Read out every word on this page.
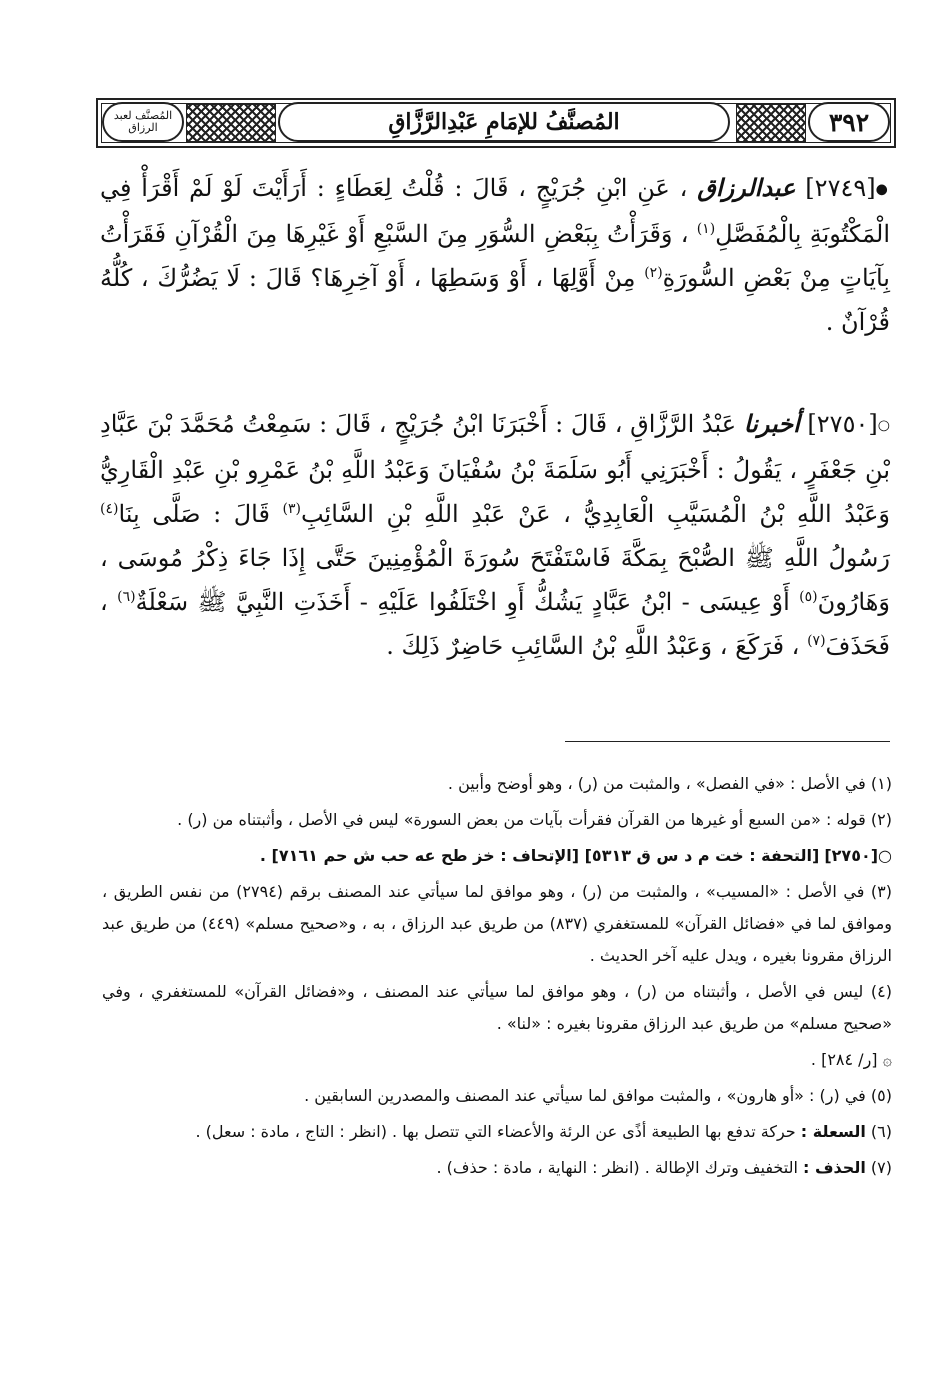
المُصنَّف لعبد الرزاق	المُصنَّفُ للإمَامِ عَبْدِالرَّزَّاقِ	٣٩٢
●[٢٧٤٩] عبدالرزاق ، عَنِ ابْنِ جُرَيْجٍ ، قَالَ : قُلْتُ لِعَطَاءٍ : أَرَأَيْتَ لَوْ لَمْ أَقْرَأْ فِي الْمَكْتُوبَةِ بِالْمُفَصَّلِ$^{(١)}$ ، وَقَرَأْتُ بِبَعْضِ السُّوَرِ مِنَ السَّبْعِ أَوْ غَيْرِهَا مِنَ الْقُرْآنِ فَقَرَأْتُ بِآيَاتٍ مِنْ بَعْضِ السُّورَةِ$^{(٢)}$ مِنْ أَوَّلِهَا ، أَوْ وَسَطِهَا ، أَوْ آخِرِهَا؟ قَالَ : لَا يَضُرُّكَ ، كُلُّهُ قُرْآنٌ .
○[٢٧٥٠] أخبرنا عَبْدُ الرَّزَّاقِ ، قَالَ : أَخْبَرَنَا ابْنُ جُرَيْجٍ ، قَالَ : سَمِعْتُ مُحَمَّدَ بْنَ عَبَّادِ بْنِ جَعْفَرٍ ، يَقُولُ : أَخْبَرَنِي أَبُو سَلَمَةَ بْنُ سُفْيَانَ وَعَبْدُ اللَّهِ بْنُ عَمْرِو بْنِ عَبْدِ الْقَارِيُّ وَعَبْدُ اللَّهِ بْنُ الْمُسَيَّبِ الْعَابِدِيُّ ، عَنْ عَبْدِ اللَّهِ بْنِ السَّائِبِ$^{(٣)}$ قَالَ : صَلَّى بِنَا$^{(٤)}$ رَسُولُ اللَّهِ ﷺ الصُّبْحَ بِمَكَّةَ فَاسْتَفْتَحَ سُورَةَ الْمُؤْمِنِينَ حَتَّى إِذَا جَاءَ ذِكْرُ مُوسَى ، وَهَارُونَ$^{(٥)}$ أَوْ عِيسَى - ابْنُ عَبَّادٍ يَشُكُّ أَوِ اخْتَلَفُوا عَلَيْهِ - أَخَذَتِ النَّبِيَّ ﷺ سَعْلَةٌ$^{(٦)}$ ، فَحَذَفَ$^{(٧)}$ ، فَرَكَعَ ، وَعَبْدُ اللَّهِ بْنُ السَّائِبِ حَاضِرٌ ذَلِكَ .

(١) في الأصل : «في الفصل» ، والمثبت من (ر) ، وهو أوضح وأبين .

(٢) قوله : «من السبع أو غيرها من القرآن فقرأت بآيات من بعض السورة» ليس في الأصل ، وأثبتناه من (ر) .

○[٢٧٥٠] [التحفة : خت م د س ق ٥٣١٣] [الإتحاف : خز طح عه حب ش حم ٧١٦١] .

(٣) في الأصل : «المسيب» ، والمثبت من (ر) ، وهو موافق لما سيأتي عند المصنف برقم (٢٧٩٤) من نفس الطريق ، وموافق لما في «فضائل القرآن» للمستغفري (٨٣٧) من طريق عبد الرزاق ، به ، و«صحيح مسلم» (٤٤٩) من طريق عبد الرزاق مقرونا بغيره ، ويدل عليه آخر الحديث .

(٤) ليس في الأصل ، وأثبتناه من (ر) ، وهو موافق لما سيأتي عند المصنف ، و«فضائل القرآن» للمستغفري ، وفي «صحيح مسلم» من طريق عبد الرزاق مقرونا بغيره : «لنا» .

۞ [ر/ ٢٨٤] .

(٥) في (ر) : «أو هارون» ، والمثبت موافق لما سيأتي عند المصنف والمصدرين السابقين .

(٦) السعلة : حركة تدفع بها الطبيعة أذًى عن الرئة والأعضاء التي تتصل بها . (انظر : التاج ، مادة : سعل) .

(٧) الحذف : التخفيف وترك الإطالة . (انظر : النهاية ، مادة : حذف) .
